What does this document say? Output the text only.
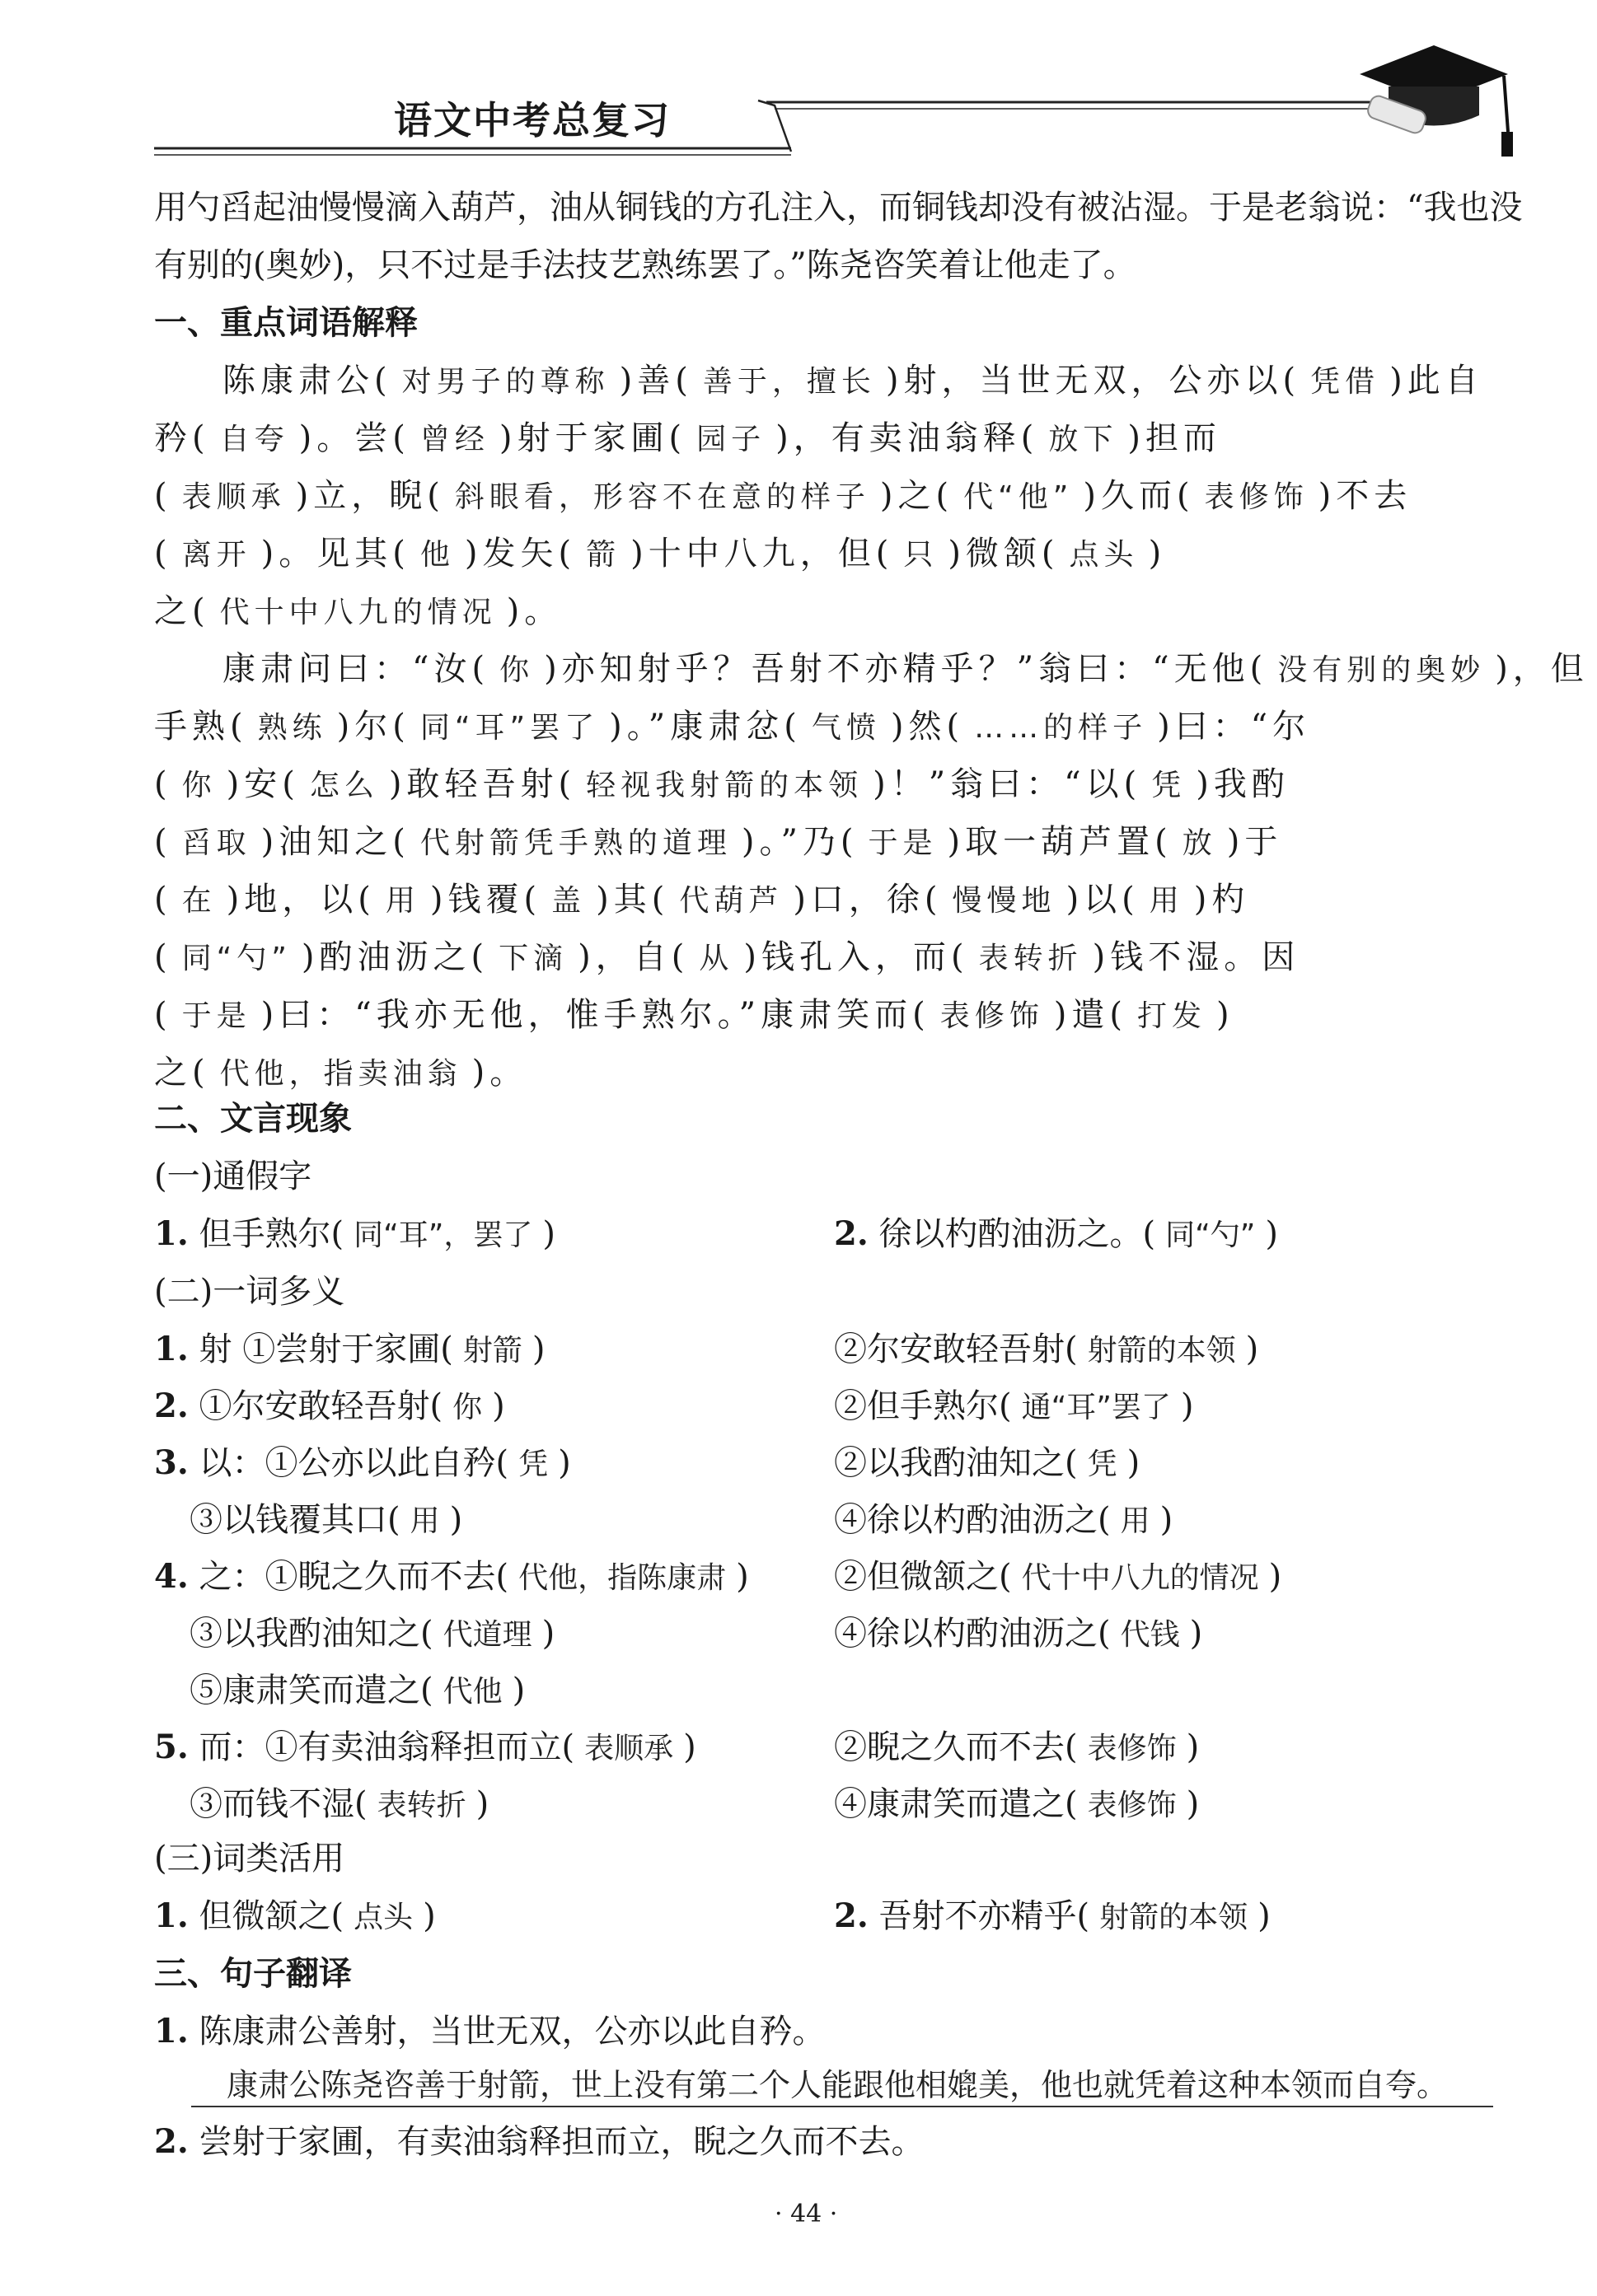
语文中考总复习
用勺舀起油慢慢滴入葫芦，油从铜钱的方孔注入，而铜钱却没有被沾湿。于是老翁说：“我也没
有别的(奥妙)，只不过是手法技艺熟练罢了。”陈尧咨笑着让他走了。
一、重点词语解释
陈康肃公( 对男子的尊称 )善( 善于，擅长 )射，当世无双，公亦以( 凭借 )此自
矜( 自夸 )。尝( 曾经 )射于家圃( 园子 )，有卖油翁释( 放下 )担而
( 表顺承 )立，睨( 斜眼看，形容不在意的样子 )之( 代“他” )久而( 表修饰 )不去
( 离开 )。见其( 他 )发矢( 箭 )十中八九，但( 只 )微颔( 点头 )
之( 代十中八九的情况 )。
康肃问曰：“汝( 你 )亦知射乎？吾射不亦精乎？”翁曰：“无他( 没有别的奥妙 )，但
手熟( 熟练 )尔( 同“耳”罢了 )。”康肃忿( 气愤 )然( ……的样子 )曰：“尔
( 你 )安( 怎么 )敢轻吾射( 轻视我射箭的本领 )！”翁曰：“以( 凭 )我酌
( 舀取 )油知之( 代射箭凭手熟的道理 )。”乃( 于是 )取一葫芦置( 放 )于
( 在 )地，以( 用 )钱覆( 盖 )其( 代葫芦 )口，徐( 慢慢地 )以( 用 )杓
( 同“勺” )酌油沥之( 下滴 )，自( 从 )钱孔入，而( 表转折 )钱不湿。因
( 于是 )曰：“我亦无他，惟手熟尔。”康肃笑而( 表修饰 )遣( 打发 )
之( 代他，指卖油翁 )。
二、文言现象
(一)通假字
1. 但手熟尔( 同“耳”，罢了 )	2. 徐以杓酌油沥之。( 同“勺” )
(二)一词多义
1. 射 ①尝射于家圃( 射箭 )	②尔安敢轻吾射( 射箭的本领 )
2. ①尔安敢轻吾射( 你 )	②但手熟尔( 通“耳”罢了 )
3. 以：①公亦以此自矜( 凭 )	②以我酌油知之( 凭 )
③以钱覆其口( 用 )	④徐以杓酌油沥之( 用 )
4. 之：①睨之久而不去( 代他，指陈康肃 )	②但微颔之( 代十中八九的情况 )
③以我酌油知之( 代道理 )	④徐以杓酌油沥之( 代钱 )
⑤康肃笑而遣之( 代他 )
5. 而：①有卖油翁释担而立( 表顺承 )	②睨之久而不去( 表修饰 )
③而钱不湿( 表转折 )	④康肃笑而遣之( 表修饰 )
(三)词类活用
1. 但微颔之( 点头 )	2. 吾射不亦精乎( 射箭的本领 )
三、句子翻译
1. 陈康肃公善射，当世无双，公亦以此自矜。
康肃公陈尧咨善于射箭，世上没有第二个人能跟他相媲美，他也就凭着这种本领而自夸。
2. 尝射于家圃，有卖油翁释担而立，睨之久而不去。
· 44 ·
